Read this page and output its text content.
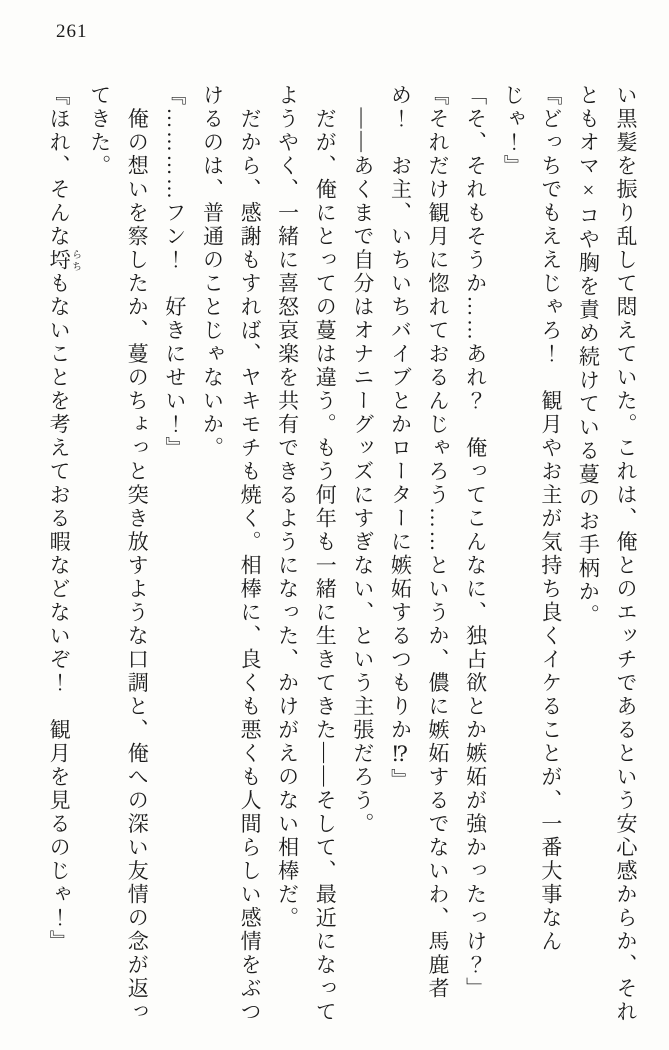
261
い黒髪を振り乱して悶えていた。これは、俺とのエッチであるという安心感からか、それ
ともオマ×コや胸を責め続けている蔓のお手柄か。
『どっちでもええじゃろ！　観月やお主が気持ち良くイケることが、一番大事なん
じゃ！』
「そ、それもそうか……あれ？　俺ってこんなに、独占欲とか嫉妬が強かったっけ？」
『それだけ観月に惚れておるんじゃろう……というか、儂に嫉妬するでないわ、馬鹿者
め！　お主、いちいちバイブとかローターに嫉妬するつもりか⁉』
　――あくまで自分はオナニーグッズにすぎない、という主張だろう。
　だが、俺にとっての蔓は違う。もう何年も一緒に生きてきた――そして、最近になって
ようやく、一緒に喜怒哀楽を共有できるようになった、かけがえのない相棒だ。
　だから、感謝もすれば、ヤキモチも焼く。相棒に、良くも悪くも人間らしい感情をぶつ
けるのは、普通のことじゃないか。
『…………フン！　好きにせい！』
　俺の想いを察したか、蔓のちょっと突き放すような口調と、俺への深い友情の念が返っ
てきた。
『ほれ、そんな埒らちもないことを考えておる暇などないぞ！　観月を見るのじゃ！』
